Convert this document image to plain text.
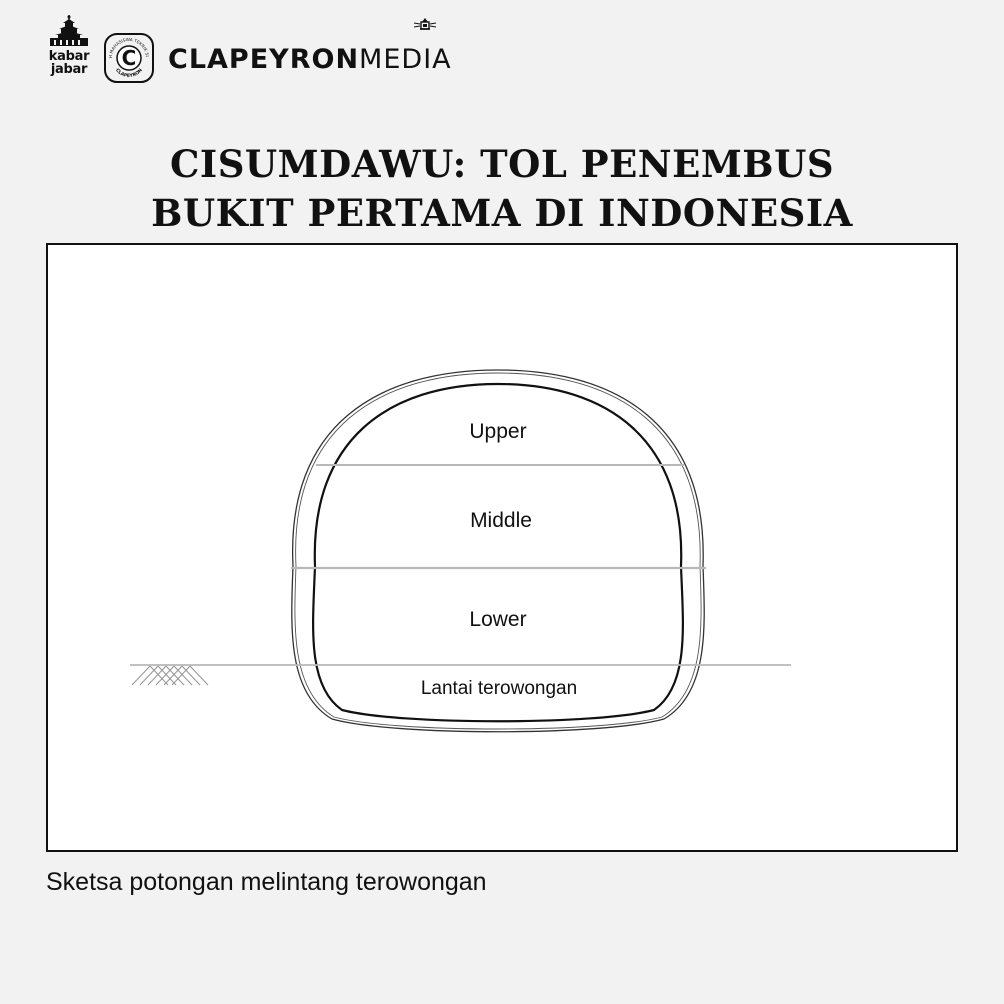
kabar
jabar
H MAHASISWA TEKNIK SI
CLAPEYRON
C CLAPEYRONMEDIA
CISUMDAWU: TOL PENEMBUS
BUKIT PERTAMA DI INDONESIA
Upper
Middle
Lower
Lantai terowongan

Sketsa potongan melintang terowongan
